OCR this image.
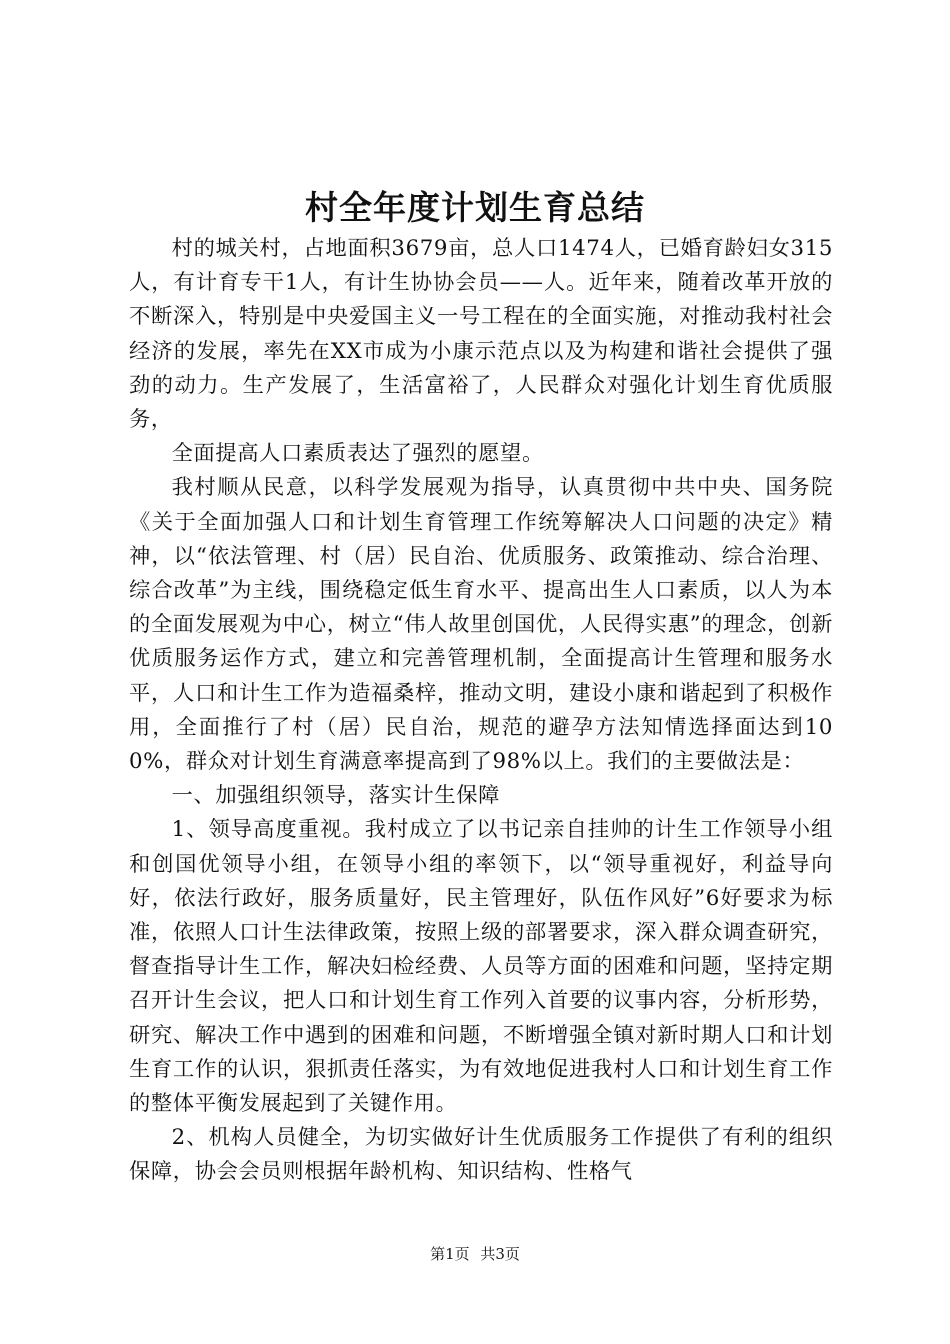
村全年度计划生育总结

村的城关村，占地面积3679亩，总人口1474人，已婚育龄妇女315人，有计育专干1人，有计生协协会员——人。近年来，随着改革开放的不断深入，特别是中央爱国主义一号工程在的全面实施，对推动我村社会经济的发展，率先在XX市成为小康示范点以及为构建和谐社会提供了强劲的动力。生产发展了，生活富裕了，人民群众对强化计划生育优质服务，

全面提高人口素质表达了强烈的愿望。

我村顺从民意，以科学发展观为指导，认真贯彻中共中央、国务院《关于全面加强人口和计划生育管理工作统筹解决人口问题的决定》精神，以“依法管理、村（居）民自治、优质服务、政策推动、综合治理、综合改革”为主线，围绕稳定低生育水平、提高出生人口素质，以人为本的全面发展观为中心，树立“伟人故里创国优，人民得实惠”的理念，创新优质服务运作方式，建立和完善管理机制，全面提高计生管理和服务水平，人口和计生工作为造福桑梓，推动文明，建设小康和谐起到了积极作用，全面推行了村（居）民自治，规范的避孕方法知情选择面达到100%，群众对计划生育满意率提高到了98%以上。我们的主要做法是：

一、加强组织领导，落实计生保障

1、领导高度重视。我村成立了以书记亲自挂帅的计生工作领导小组和创国优领导小组，在领导小组的率领下，以“领导重视好，利益导向好，依法行政好，服务质量好，民主管理好，队伍作风好”6好要求为标准，依照人口计生法律政策，按照上级的部署要求，深入群众调查研究，督查指导计生工作，解决妇检经费、人员等方面的困难和问题，坚持定期召开计生会议，把人口和计划生育工作列入首要的议事内容，分析形势，研究、解决工作中遇到的困难和问题，不断增强全镇对新时期人口和计划生育工作的认识，狠抓责任落实，为有效地促进我村人口和计划生育工作的整体平衡发展起到了关键作用。

2、机构人员健全，为切实做好计生优质服务工作提供了有利的组织保障，协会会员则根据年龄机构、知识结构、性格气

第1页 共3页
